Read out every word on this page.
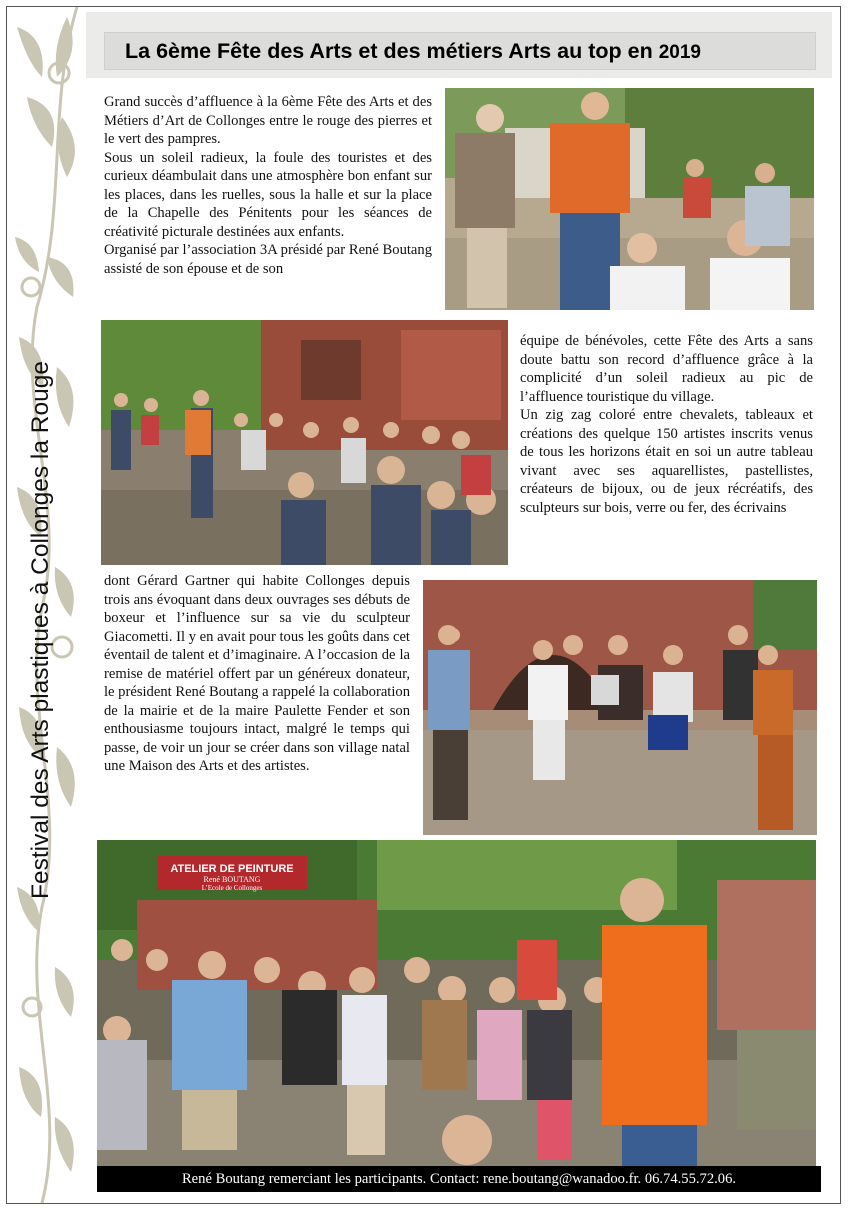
Festival des Arts plastiques à Collonges la Rouge
La 6ème Fête des Arts et des métiers Arts au top en 2019

Grand succès d’affluence à la 6ème Fête des Arts et des Métiers d’Art de Collonges entre le rouge des pierres et le vert des pampres.

Sous un soleil radieux, la foule des touristes et des curieux déambulait dans une atmosphère bon enfant sur les places, dans les ruelles, sous la halle et sur la place de la Chapelle des Pénitents pour les séances de créativité picturale destinées aux enfants.

Organisé par l’association 3A présidé par René Boutang assisté de son épouse et de son

équipe de bénévoles, cette Fête des Arts a sans doute battu son record d’affluence grâce à la complicité d’un soleil radieux au pic de l’affluence touristique du village.

Un zig zag coloré entre chevalets, tableaux et créations des quelque 150 artistes inscrits venus de tous les horizons était en soi un autre tableau vivant avec ses aquarellistes, pastellistes, créateurs de bijoux, ou de jeux récréatifs, des sculpteurs sur bois, verre ou fer, des écrivains

dont Gérard Gartner qui habite Collonges depuis trois ans évoquant dans deux ouvrages ses débuts de boxeur et l’influence sur sa vie du sculpteur Giacometti. Il y en avait pour tous les goûts dans cet éventail de talent et d’imaginaire. A l’occasion de la remise de matériel offert par un généreux donateur, le président René Boutang a rappelé la collaboration de la mairie et de la maire Paulette Fender et son enthousiasme toujours intact, malgré le temps qui passe, de voir un jour se créer dans son village natal une Maison des Arts et des artistes.

ATELIER DE PEINTURE
René BOUTANG
L’Ecole de Collonges
René Boutang remerciant les participants. Contact: rene.boutang@wanadoo.fr. 06.74.55.72.06.
